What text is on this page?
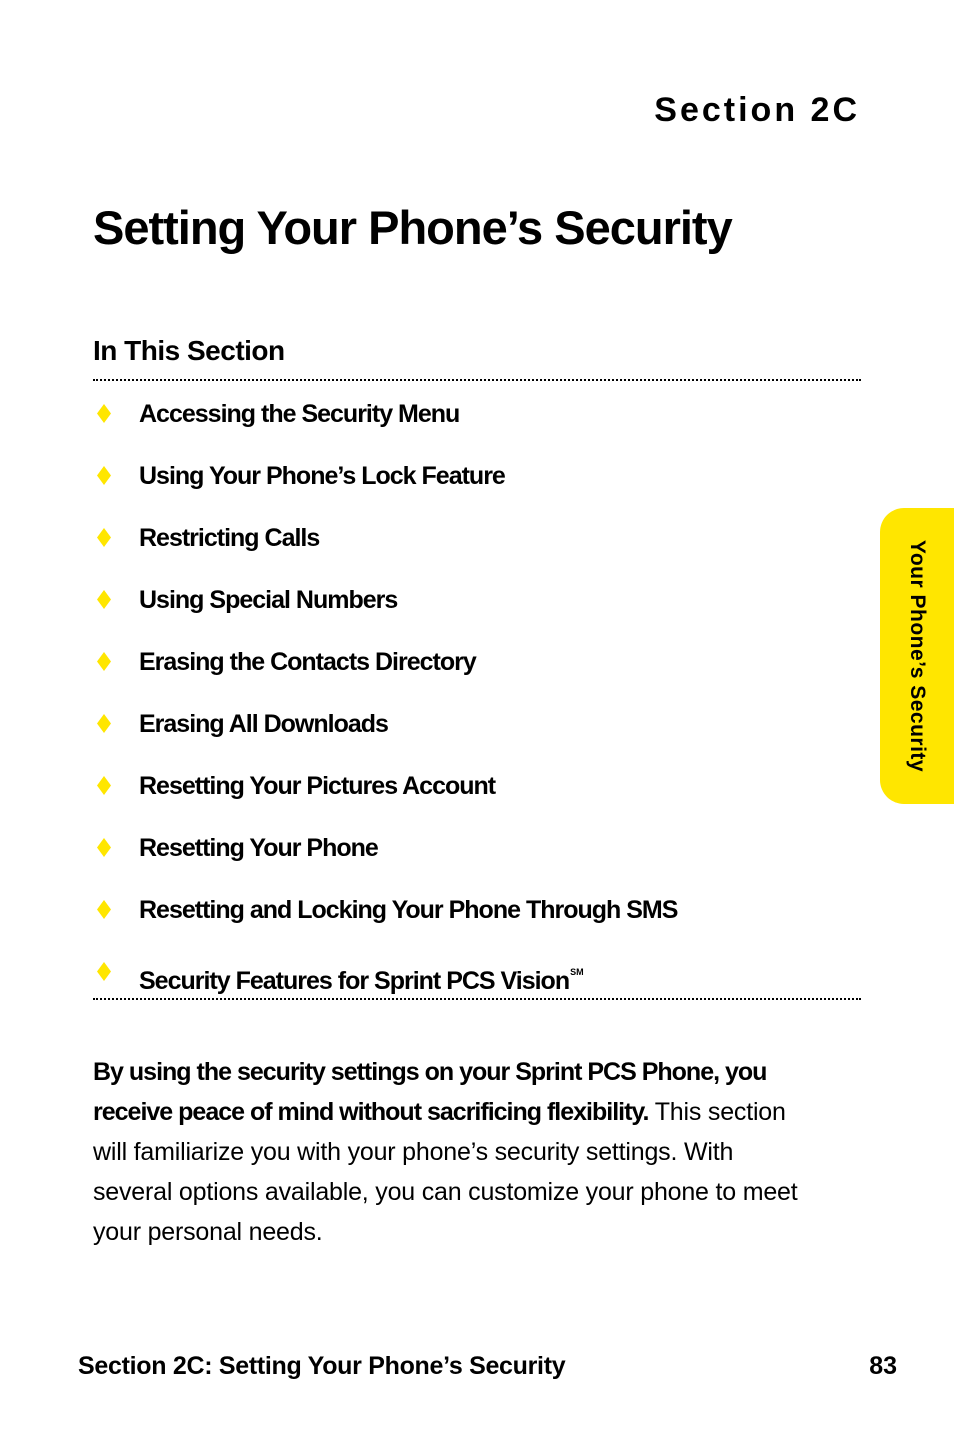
Section 2C
Setting Your Phone’s Security
In This Section
Accessing the Security Menu
Using Your Phone’s Lock Feature
Restricting Calls
Using Special Numbers
Erasing the Contacts Directory
Erasing All Downloads
Resetting Your Pictures Account
Resetting Your Phone
Resetting and Locking Your Phone Through SMS
Security Features for Sprint PCS Vision℠

By using the security settings on your Sprint PCS Phone, you receive peace of mind without sacrificing flexibility. This section will familiarize you with your phone’s security settings. With several options available, you can customize your phone to meet your personal needs.

Your Phone’s Security
Section 2C: Setting Your Phone’s Security	83
